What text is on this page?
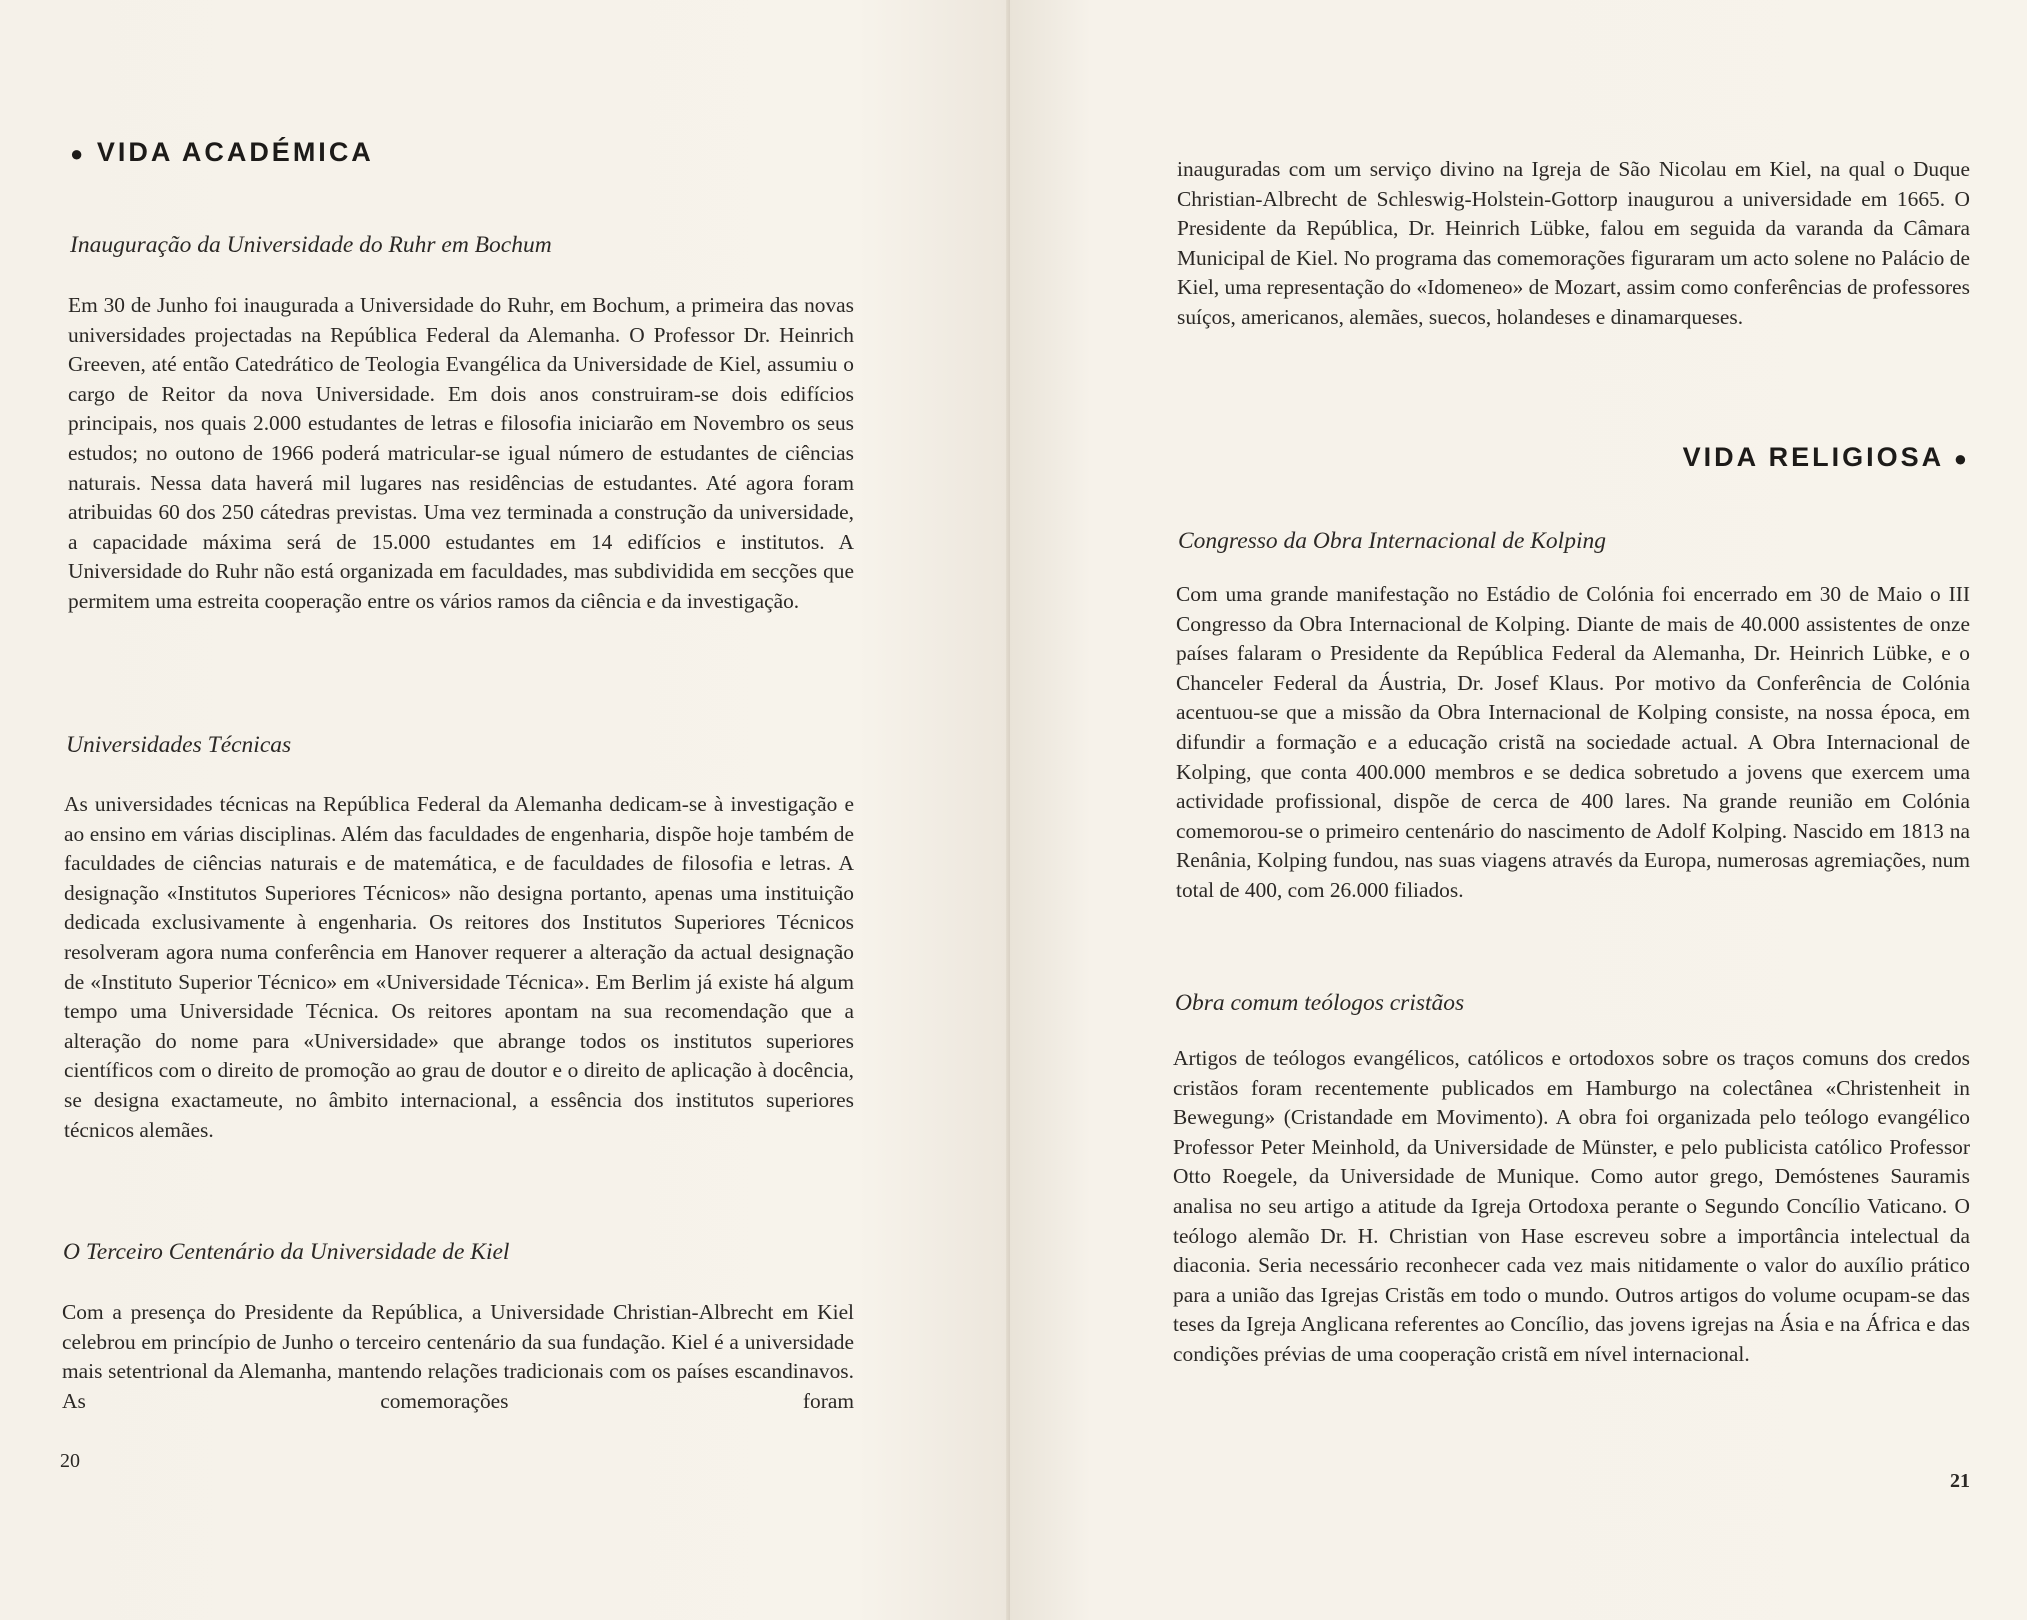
● VIDA ACADÉMICA
Inauguração da Universidade do Ruhr em Bochum

Em 30 de Junho foi inaugurada a Universidade do Ruhr, em Bochum, a primeira das novas universidades projectadas na República Federal da Alemanha. O Professor Dr. Heinrich Greeven, até então Catedrático de Teologia Evangélica da Universidade de Kiel, assumiu o cargo de Reitor da nova Universidade. Em dois anos construiram-se dois edifícios principais, nos quais 2.000 estudantes de letras e filosofia iniciarão em Novembro os seus estudos; no outono de 1966 poderá matricular-se igual número de estudantes de ciências naturais. Nessa data haverá mil lugares nas residências de estudantes. Até agora foram atribuidas 60 dos 250 cátedras previstas. Uma vez terminada a construção da universidade, a capacidade máxima será de 15.000 estudantes em 14 edifícios e institutos. A Universidade do Ruhr não está organizada em faculdades, mas subdividida em secções que permitem uma estreita cooperação entre os vários ramos da ciência e da investigação.

Universidades Técnicas

As universidades técnicas na República Federal da Alemanha dedicam-se à investigação e ao ensino em várias disciplinas. Além das faculdades de engenharia, dispõe hoje também de faculdades de ciências naturais e de matemática, e de faculdades de filosofia e letras. A designação «Institutos Superiores Técnicos» não designa portanto, apenas uma instituição dedicada exclusivamente à engenharia. Os reitores dos Institutos Superiores Técnicos resolveram agora numa conferência em Hanover requerer a alteração da actual designação de «Instituto Superior Técnico» em «Universidade Técnica». Em Berlim já existe há algum tempo uma Universidade Técnica. Os reitores apontam na sua recomendação que a alteração do nome para «Universidade» que abrange todos os institutos superiores científicos com o direito de promoção ao grau de doutor e o direito de aplicação à docência, se designa exactameute, no âmbito internacional, a essência dos institutos superiores técnicos alemães.

O Terceiro Centenário da Universidade de Kiel

Com a presença do Presidente da República, a Universidade Christian-Albrecht em Kiel celebrou em princípio de Junho o terceiro centenário da sua fundação. Kiel é a universidade mais setentrional da Alemanha, mantendo relações tradicionais com os países escandinavos. As comemorações foram

20

inauguradas com um serviço divino na Igreja de São Nicolau em Kiel, na qual o Duque Christian-Albrecht de Schleswig-Holstein-Gottorp inaugurou a universidade em 1665. O Presidente da República, Dr. Heinrich Lübke, falou em seguida da varanda da Câmara Municipal de Kiel. No programa das comemorações figuraram um acto solene no Palácio de Kiel, uma representação do «Idomeneo» de Mozart, assim como conferências de professores suíços, americanos, alemães, suecos, holandeses e dinamarqueses.

VIDA RELIGIOSA ●
Congresso da Obra Internacional de Kolping

Com uma grande manifestação no Estádio de Colónia foi encerrado em 30 de Maio o III Congresso da Obra Internacional de Kolping. Diante de mais de 40.000 assistentes de onze países falaram o Presidente da República Federal da Alemanha, Dr. Heinrich Lübke, e o Chanceler Federal da Áustria, Dr. Josef Klaus. Por motivo da Conferência de Colónia acentuou-se que a missão da Obra Internacional de Kolping consiste, na nossa época, em difundir a formação e a educação cristã na sociedade actual. A Obra Internacional de Kolping, que conta 400.000 membros e se dedica sobretudo a jovens que exercem uma actividade profissional, dispõe de cerca de 400 lares. Na grande reunião em Colónia comemorou-se o primeiro centenário do nascimento de Adolf Kolping. Nascido em 1813 na Renânia, Kolping fundou, nas suas viagens através da Europa, numerosas agremiações, num total de 400, com 26.000 filiados.

Obra comum teólogos cristãos

Artigos de teólogos evangélicos, católicos e ortodoxos sobre os traços comuns dos credos cristãos foram recentemente publicados em Hamburgo na colectânea «Christenheit in Bewegung» (Cristandade em Movimento). A obra foi organizada pelo teólogo evangélico Professor Peter Meinhold, da Universidade de Münster, e pelo publicista católico Professor Otto Roegele, da Universidade de Munique. Como autor grego, Demóstenes Sauramis analisa no seu artigo a atitude da Igreja Ortodoxa perante o Segundo Concílio Vaticano. O teólogo alemão Dr. H. Christian von Hase escreveu sobre a importância intelectual da diaconia. Seria necessário reconhecer cada vez mais nitidamente o valor do auxílio prático para a união das Igrejas Cristãs em todo o mundo. Outros artigos do volume ocupam-se das teses da Igreja Anglicana referentes ao Concílio, das jovens igrejas na Ásia e na África e das condições prévias de uma cooperação cristã em nível internacional.

21
